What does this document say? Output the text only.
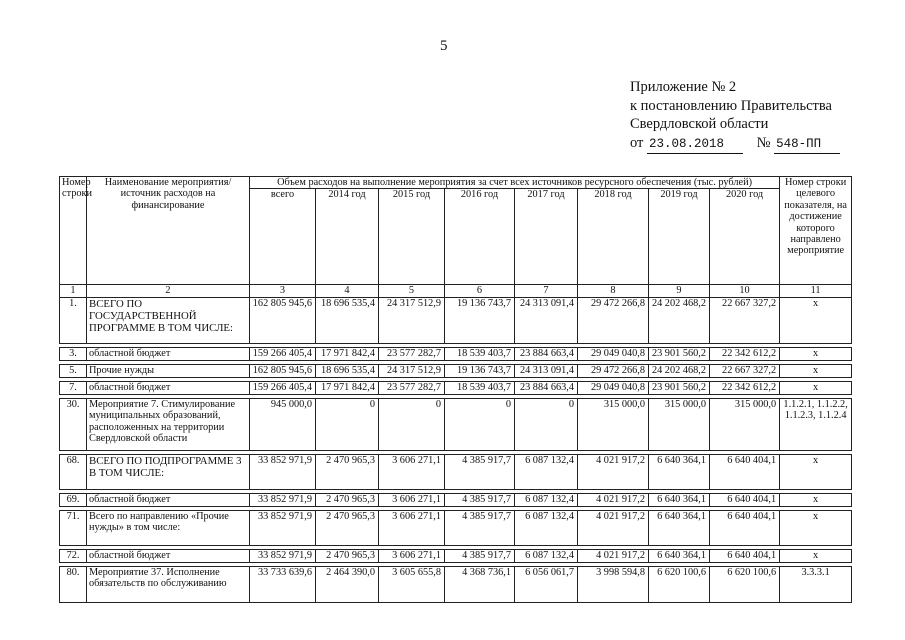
5
Приложение № 2
к постановлению Правительства
Свердловской области
от 23.08.2018 № 548-ПП
Номер строки	Наименование мероприятия/источник расходов на финансирование	Объем расходов на выполнение мероприятия за счет всех источников ресурсного обеспечения (тыс. рублей)								Номер строки целевого показателя, на достижение которого направлено мероприятие
		всего	2014 год	2015 год	2016 год	2017 год	2018 год	2019 год	2020 год	
1	2	3	4	5	6	7	8	9	10	11
1.	ВСЕГО ПО ГОСУДАРСТВЕННОЙ ПРОГРАММЕ В ТОМ ЧИСЛЕ:	162 805 945,6	18 696 535,4	24 317 512,9	19 136 743,7	24 313 091,4	29 472 266,8	24 202 468,2	22 667 327,2	x

3.	областной бюджет	159 266 405,4	17 971 842,4	23 577 282,7	18 539 403,7	23 884 663,4	29 049 040,8	23 901 560,2	22 342 612,2	x

5.	Прочие нужды	162 805 945,6	18 696 535,4	24 317 512,9	19 136 743,7	24 313 091,4	29 472 266,8	24 202 468,2	22 667 327,2	x

7.	областной бюджет	159 266 405,4	17 971 842,4	23 577 282,7	18 539 403,7	23 884 663,4	29 049 040,8	23 901 560,2	22 342 612,2	x

30.	Мероприятие 7. Стимулирование муниципальных образований, расположенных на территории Свердловской области	945 000,0	0	0	0	0	315 000,0	315 000,0	315 000,0	1.1.2.1, 1.1.2.2, 1.1.2.3, 1.1.2.4

68.	ВСЕГО ПО ПОДПРОГРАММЕ 3 В ТОМ ЧИСЛЕ:	33 852 971,9	2 470 965,3	3 606 271,1	4 385 917,7	6 087 132,4	4 021 917,2	6 640 364,1	6 640 404,1	x

69.	областной бюджет	33 852 971,9	2 470 965,3	3 606 271,1	4 385 917,7	6 087 132,4	4 021 917,2	6 640 364,1	6 640 404,1	x

71.	Всего по направлению «Прочие нужды» в том числе:	33 852 971,9	2 470 965,3	3 606 271,1	4 385 917,7	6 087 132,4	4 021 917,2	6 640 364,1	6 640 404,1	x

72.	областной бюджет	33 852 971,9	2 470 965,3	3 606 271,1	4 385 917,7	6 087 132,4	4 021 917,2	6 640 364,1	6 640 404,1	x

80.	Мероприятие 37. Исполнение обязательств по обслуживанию	33 733 639,6	2 464 390,0	3 605 655,8	4 368 736,1	6 056 061,7	3 998 594,8	6 620 100,6	6 620 100,6	3.3.3.1
